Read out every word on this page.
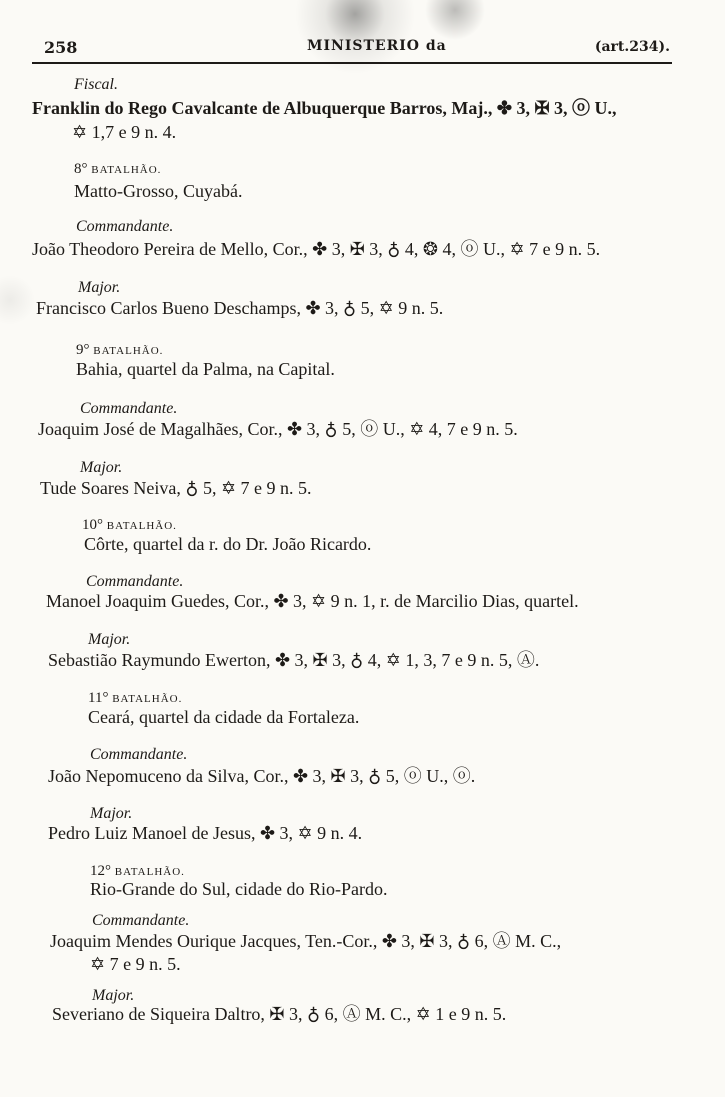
258	MINISTERIO da	(art.234).
Fiscal.
Franklin do Rego Cavalcante de Albuquerque Barros, Maj., ✤ 3, ✠ 3, ⓞ U.,
✡ 1,7 e 9 n. 4.
8° BATALHÃO.
Matto-Grosso, Cuyabá.
Commandante.
João Theodoro Pereira de Mello, Cor., ✤ 3, ✠ 3, ♁ 4, ❂ 4, ⓞ U., ✡ 7 e 9 n. 5.
Major.
Francisco Carlos Bueno Deschamps, ✤ 3, ♁ 5, ✡ 9 n. 5.
9° BATALHÃO.
Bahia, quartel da Palma, na Capital.
Commandante.
Joaquim José de Magalhães, Cor., ✤ 3, ♁ 5, ⓞ U., ✡ 4, 7 e 9 n. 5.
Major.
Tude Soares Neiva, ♁ 5, ✡ 7 e 9 n. 5.
10° BATALHÃO.
Côrte, quartel da r. do Dr. João Ricardo.
Commandante.
Manoel Joaquim Guedes, Cor., ✤ 3, ✡ 9 n. 1, r. de Marcilio Dias, quartel.
Major.
Sebastião Raymundo Ewerton, ✤ 3, ✠ 3, ♁ 4, ✡ 1, 3, 7 e 9 n. 5, Ⓐ.
11° BATALHÃO.
Ceará, quartel da cidade da Fortaleza.
Commandante.
João Nepomuceno da Silva, Cor., ✤ 3, ✠ 3, ♁ 5, ⓞ U., ⓞ.
Major.
Pedro Luiz Manoel de Jesus, ✤ 3, ✡ 9 n. 4.
12° BATALHÃO.
Rio-Grande do Sul, cidade do Rio-Pardo.
Commandante.
Joaquim Mendes Ourique Jacques, Ten.-Cor., ✤ 3, ✠ 3, ♁ 6, Ⓐ M. C.,
✡ 7 e 9 n. 5.
Major.
Severiano de Siqueira Daltro, ✠ 3, ♁ 6, Ⓐ M. C., ✡ 1 e 9 n. 5.
